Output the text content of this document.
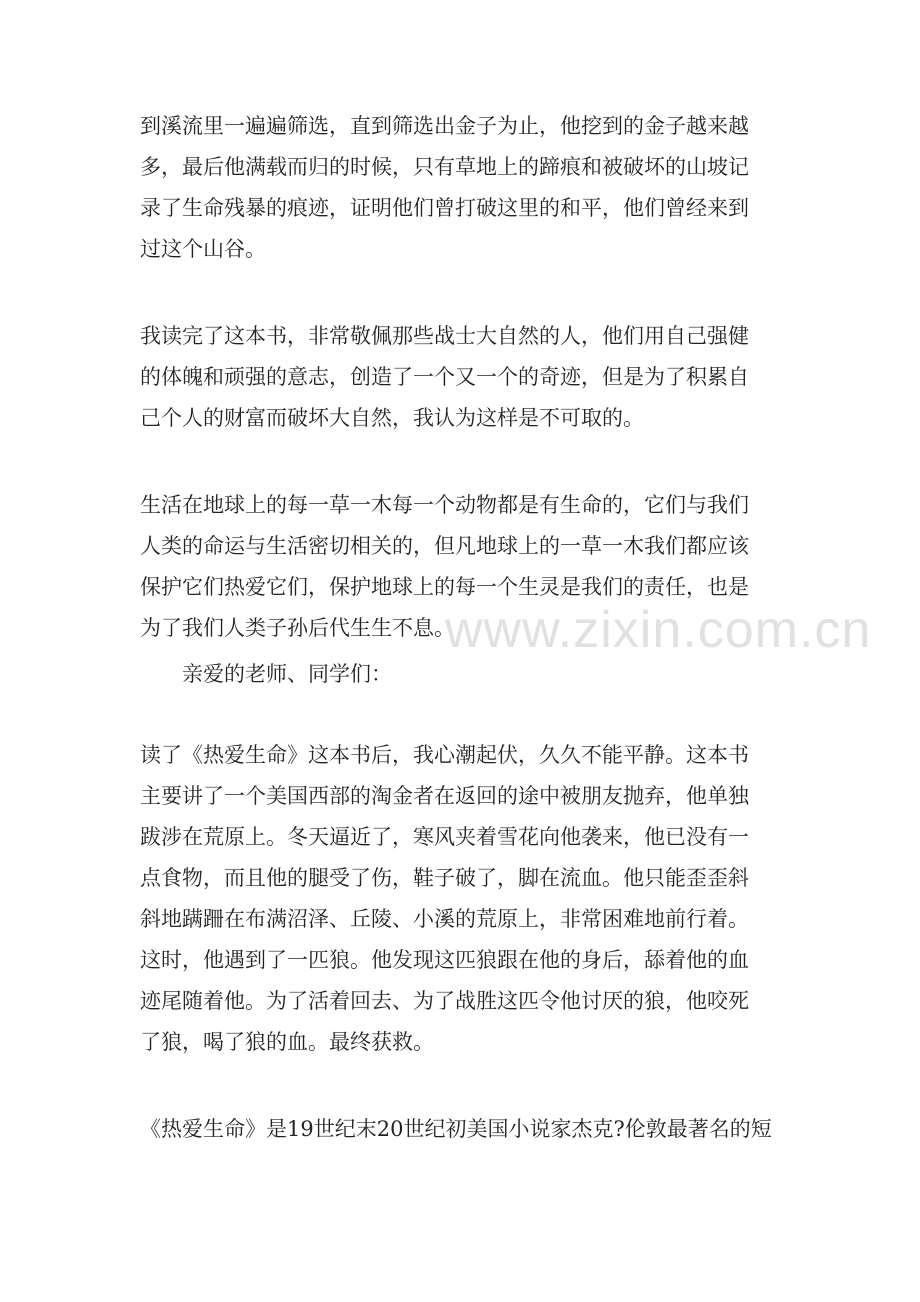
www.zixin.com.cn
到溪流里一遍遍筛选，直到筛选出金子为止，他挖到的金子越来越
多，最后他满载而归的时候，只有草地上的蹄痕和被破坏的山坡记
录了生命残暴的痕迹，证明他们曾打破这里的和平，他们曾经来到
过这个山谷。
我读完了这本书，非常敬佩那些战士大自然的人，他们用自己强健
的体魄和顽强的意志，创造了一个又一个的奇迹，但是为了积累自
己个人的财富而破坏大自然，我认为这样是不可取的。
生活在地球上的每一草一木每一个动物都是有生命的，它们与我们
人类的命运与生活密切相关的，但凡地球上的一草一木我们都应该
保护它们热爱它们，保护地球上的每一个生灵是我们的责任，也是
为了我们人类子孙后代生生不息。
亲爱的老师、同学们：
读了《热爱生命》这本书后，我心潮起伏，久久不能平静。这本书
主要讲了一个美国西部的淘金者在返回的途中被朋友抛弃，他单独
跋涉在荒原上。冬天逼近了，寒风夹着雪花向他袭来，他已没有一
点食物，而且他的腿受了伤，鞋子破了，脚在流血。他只能歪歪斜
斜地蹒跚在布满沼泽、丘陵、小溪的荒原上，非常困难地前行着。
这时，他遇到了一匹狼。他发现这匹狼跟在他的身后，舔着他的血
迹尾随着他。为了活着回去、为了战胜这匹令他讨厌的狼，他咬死
了狼，喝了狼的血。最终获救。
《热爱生命》是19世纪末20世纪初美国小说家杰克?伦敦最著名的短
